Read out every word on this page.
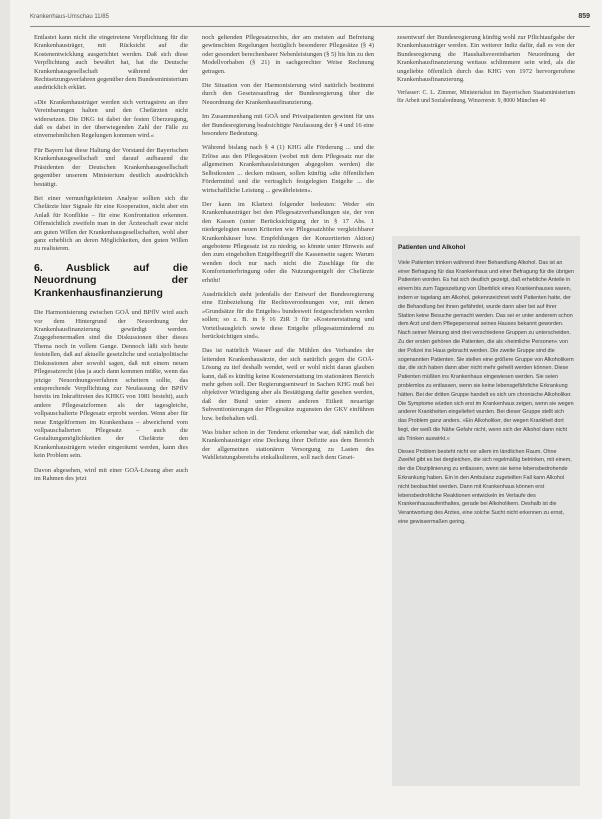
Krankenhaus-Umschau 11/85	859

Entlastet kann nicht die eingetretene Verpflichtung für die Krankenhausträger, mit Rücksicht auf die Kostenentwicklung ausgerichtet werden. Daß sich diese Verpflichtung auch bewährt hat, hat die Deutsche Krankenhausgesellschaft während der Rechtsetzungsverfahren gegenüber dem Bundesministerium ausdrücklich erklärt.

»Die Krankenhausträger werden sich vertragstreu an ihre Vereinbarungen halten und den Chefärzten nicht widersetzen. Die DKG ist dabei der festen Überzeugung, daß es dabei in der überwiegenden Zahl der Fälle zu einvernehmlichen Regelungen kommen wird.«

Für Bayern hat diese Haltung der Vorstand der Bayerischen Krankenhausgesellschaft und darauf aufbauend die Präsidenten der Deutschen Krankenhausgesellschaft gegenüber unserem Ministerium deutlich ausdrücklich bestätigt.

Bei einer vernunftgeleiteten Analyse sollten sich die Chefärzte hier Signale für eine Kooperation, nicht aber ein Anlaß für Konflikte – für eine Konfrontation erkennen. Offensichtlich zweifeln man in der Ärzteschaft zwar nicht am guten Willen der Krankenhausgesellschaften, wohl aber ganz erheblich an deren Möglichkeiten, den guten Willen zu realisieren.

6. Ausblick auf die Neuordnung der Krankenhausfinanzierung

Die Harmonisierung zwischen GOÄ und BPflV wird auch vor dem Hintergrund der Neuordnung der Krankenhausfinanzierung gewürdigt werden. Zugegebenermaßen sind die Diskussionen über dieses Thema noch in vollem Gange. Dennoch läßt sich heute feststellen, daß auf aktuelle gesetzliche und sozialpolitische Diskussionen aber sowohl sagen, daß mit einem neuen Pflegesatzrecht (das ja auch dann kommen müßte, wenn das jetzige Neuordnungsverfahren scheitern sollte, das entsprechende Verpflichtung zur Neufassung der BPflV bereits im Inkrafttreten des KHKG von 1981 besteht), auch andere Pflegesatzformen als der tagesgleiche, vollpauschalierte Pflegesatz erprobt werden. Wenn aber für neue Entgeltformen im Krankenhaus – abweichend vom vollpauschalierten Pflegesatz – auch die Gestaltungsmöglichkeiten der Chefärzte den Krankenhausträgern wieder eingeräumt werden, kann dies kein Problem sein.

Davon abgesehen, wird mit einer GOÄ-Lösung aber auch im Rahmen des jetzt

noch geltenden Pflegesatzrechts, der am meisten auf Befreiung gewünschten Regelungen bezüglich besonderer Pflegesätze (§ 4) oder gesondert berechenbarer Nebenleistungen (§ 5) bis hin zu den Modellvorhaben (§ 21) in sachgerechter Weise Rechnung getragen.

Die Situation von der Harmonisierung wird natürlich bestimmt durch den Gesetzesauftrag der Bundesregierung über die Neuordnung der Krankenhausfinanzierung.

Im Zusammenhang mit GOÄ und Privatpatienten gewinnt für uns der Bundesregierung beabsichtigte Neufassung der § 4 und 16 eine besondere Bedeutung.

Während bislang nach § 4 (1) KHG alle Förderung ... und die Erlöse aus den Pflegesätzen (wobei mit dem Pflegesatz nur die allgemeinen Krankenhausleistungen abgegolten werden) die Selbstkosten ... decken müssen, sollen künftig »die öffentlichen Fördermittel und die vertraglich festgelegten Entgelte ... die wirtschaftliche Leistung ... gewährleisten«.

Der kann im Klartext folgender bedeuten: Weder ein Krankenhausträger bei den Pflegesatzverhandlungen sie, der von den Kassen (unter Berücksichtigung der in § 17 Abs. 1 niedergelegten neuen Kriterien wie Pflegesatzhöhe vergleichbarer Krankenhäuser bzw. Empfehlungen der Konzertierten Aktion) angebotene Pflegesatz ist zu niedrig, so könnte unter Hinweis auf den zum eingeholten Entgeltbegriff die Kassenseite sagen: Warum wenden doch nur nach nicht die Zuschläge für die Komfortunterbringung oder die Nutzungsentgelt der Chefärzte erhöht!

Ausdrücklich steht jedenfalls der Entwurf der Bundesregierung eine Einbeziehung für Rechtsverordnungen vor, mit denen »Grundsätze für die Entgelte« bundesweit festgeschrieben werden sollen; so z. B. in § 16 ZiR 3 für »Kostenerstattung und Vorteilsausgleich sowie diese Entgelte pflegesatzmindernd zu berücksichtigen sind«.

Das ist natürlich Wasser auf die Mühlen des Verbandes der leitenden Krankenhausärzte, der sich natürlich gegen die GOÄ-Lösung zu tief deshalb wendet, weil er wohl nicht daran glauben kann, daß es künftig keine Kostenerstattung im stationären Bereich mehr geben soll. Der Regierungsentwurf in Sachen KHG muß bei objektiver Würdigung aber als Bestätigung dafür gesehen werden, daß der Bund unter einem anderen Etikett neuartige Subventionierungen der Pflegesätze zugunsten der GKV einführen bzw. beibehalten will.

Was bisher schon in der Tendenz erkennbar war, daß nämlich die Krankenhausträger eine Deckung ihrer Defizite aus dem Bereich der allgemeinen stationären Versorgung zu Lasten des Wahlleistungsbereichs einkalkulieren, soll nach dem Geset-

zesentwurf der Bundesregierung künftig wohl zur Pflichtaufgabe der Krankenhausträger werden. Ein weiterer Indiz dafür, daß es von der Bundesregierung die Haushaltsvereinbarten Neuordnung der Krankenhausfinanzierung weitaus schlimmere sein wird, als die ungeliebte öffentlich durch das KHG von 1972 hervorgerufene Krankenhausfinanzierung.

Verfasser: C. L. Zimmer, Ministerialrat im Bayerischen Staatsministerium für Arbeit und Sozialordnung, Winzererstr. 9, 8000 München 40

Patienten und Alkohol

Viele Patienten trinken während ihrer Behandlung Alkohol. Das ist an einer Befragung für das Krankenhaus und einer Befragung für die übrigen Patienten worden. Es hat sich deutlich gezeigt, daß erhebliche Anteile in einem bis zum Tageszeitung von Überblick eines Krankenhauses waren, indem er tagelang am Alkohol, gekennzeichnet wohl Patienten hatte, der die Behandlung bei ihnen gefährdet, wurde dann aber bei auf ihrer Station keine Besuche gemacht werden. Das sei er unter anderem schon dem Arzt und dem Pflegepersonal seines Hauses bekannt geworden. Nach seiner Meinung sind drei verschiedene Gruppen zu unterscheiden. Zu der ersten gehören die Patienten, die als »heimliche Personen« von der Polizei ins Haus gebracht werden. Die zweite Gruppe sind die sogenannten Patienten. Sie stellen eine größere Gruppe von Alkoholikern dar, die sich haben dann aber nicht mehr geheilt werden können. Diese Patienten müßten ins Krankenhaus eingewiesen werden. Sie seien problemlos zu entlassen, wenn sie keine lebensgefährliche Erkrankung hätten. Bei der dritten Gruppe handelt es sich um chronische Alkoholiker. Die Symptome würden sich erst im Krankenhaus zeigen, wenn sie wegen anderer Krankheiten eingeliefert wurden. Bei dieser Gruppe stellt sich das Problem ganz anders. »Ein Alkoholiker, der wegen Krankheit dort liegt, der weiß die Nähe Gefahr nicht, wenn sich der Alkohol dann nicht als Trinken auswirkt.«

Dieses Problem besteht nicht vor allem im ländlichen Raum. Ohne Zweifel gibt es bei dergleichen, die sich regelmäßig betrinken, mit einem, der die Disziplinierung zu entlassen, wenn sie keine lebensbedrohende Erkrankung haben. Ein in den Ambulanz zugeteilten Fall kann Alkohol nicht beobachtet werden. Dann mit Krankenhaus können erst lebensbedrohliche Reaktionen entwickeln im Verlaufe des Krankenhausaufenthaltes, gerade bei Alkoholikern. Deshalb ist die Verantwortung des Arztes, eine solche Sucht nicht erkennen zu ernst, eine gewissermaßen gering.
